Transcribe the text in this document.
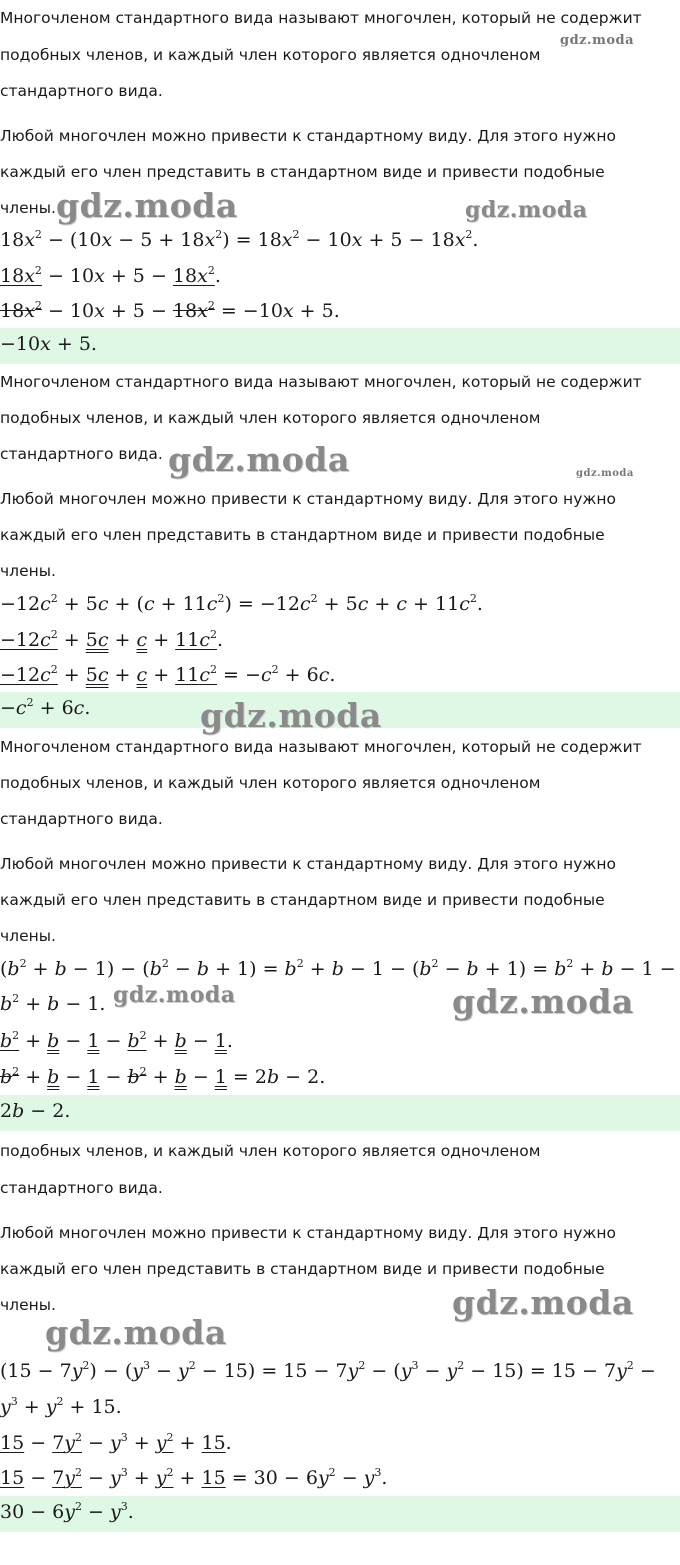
Многочленом стандартного вида называют многочлен, который не содержит
подобных членов, и каждый член которого является одночленом
стандартного вида.
gdz.moda
Любой многочлен можно привести к стандартному виду. Для этого нужно
каждый его член представить в стандартном виде и привести подобные
члены. gdz.moda	gdz.moda
$18x^2 - (10x - 5 + 18x^2) = 18x^2 - 10x + 5 - 18x^2$.
$18x^2 - 10x + 5 - 18x^2$.
$18x^2 - 10x + 5 - 18x^2 = -10x + 5$.
−10x + 5.
Многочленом стандартного вида называют многочлен, который не содержит
подобных членов, и каждый член которого является одночленом
стандартного вида. gdz.moda	gdz.moda
Любой многочлен можно привести к стандартному виду. Для этого нужно
каждый его член представить в стандартном виде и привести подобные
члены.
$-12c^2 + 5c + (c + 11c^2) = -12c^2 + 5c + c + 11c^2$.
$-12c^2 + 5c + c + 11c^2$.
$-12c^2 + 5c + c + 11c^2 = -c^2 + 6c$.
$-c^2 + 6c$.	gdz.moda
Многочленом стандартного вида называют многочлен, который не содержит
подобных членов, и каждый член которого является одночленом
стандартного вида.
Любой многочлен можно привести к стандартному виду. Для этого нужно
каждый его член представить в стандартном виде и привести подобные
члены.
$(b^2 + b - 1) - (b^2 - b + 1) = b^2 + b - 1 - (b^2 - b + 1) = b^2 + b - 1$ −
$b^2 + b - 1$. gdz.moda	gdz.moda
$b^2 + b - 1 - b^2 + b - 1$.
$b^2 + b - 1 - b^2 + b - 1 = 2b - 2$.
2b − 2.
подобных членов, и каждый член которого является одночленом
стандартного вида.
Любой многочлен можно привести к стандартному виду. Для этого нужно
каждый его член представить в стандартном виде и привести подобные
члены.	gdz.moda
gdz.moda
$(15 - 7y^2) - (y^3 - y^2 - 15) = 15 - 7y^2 - (y^3 - y^2 - 15) = 15 - 7y^2$ −
$y^3 + y^2 + 15$.
$15 - 7y^2 - y^3 + y^2 + 15$.
$15 - 7y^2 - y^3 + y^2 + 15 = 30 - 6y^2 - y^3$.
$30 - 6y^2 - y^3$.
